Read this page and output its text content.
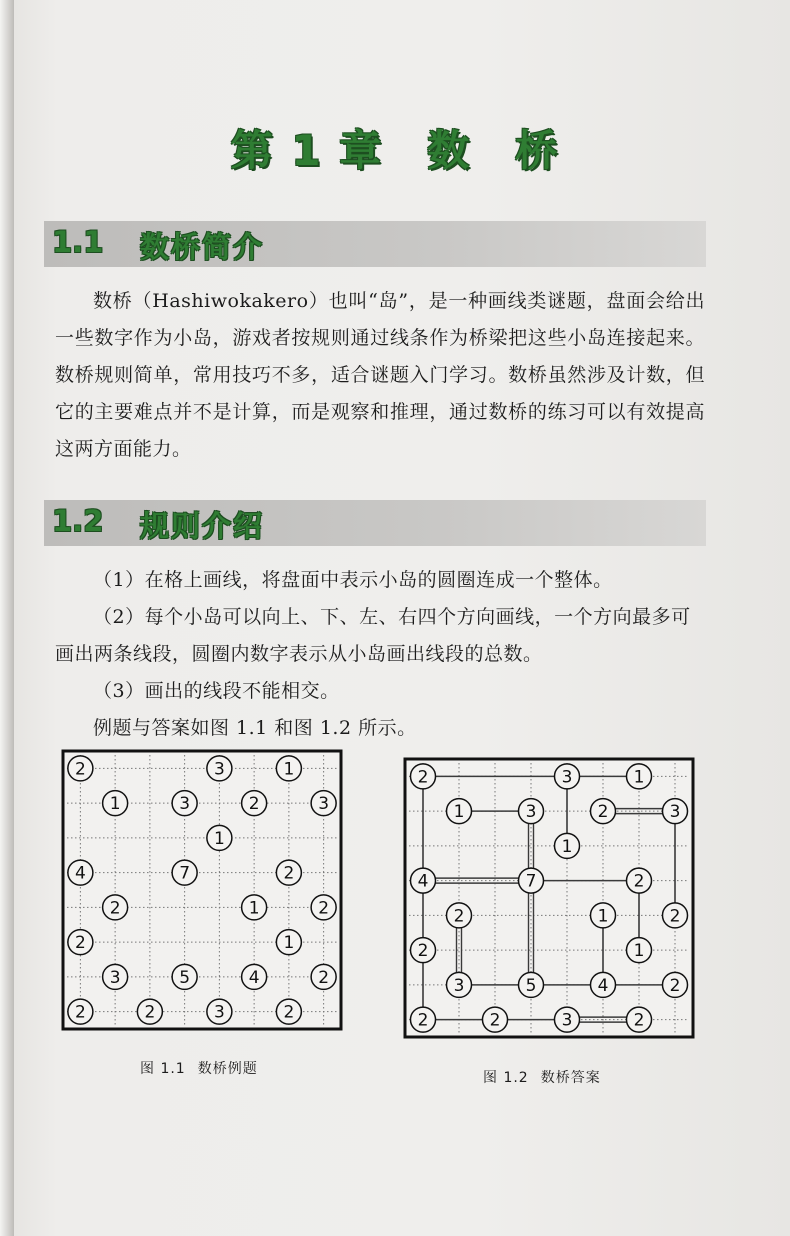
第 1 章　数　桥
1.1 数桥简介
数桥（Hashiwokakero）也叫“岛”，是一种画线类谜题，盘面会给出一些数字作为小岛，游戏者按规则通过线条作为桥梁把这些小岛连接起来。数桥规则简单，常用技巧不多，适合谜题入门学习。数桥虽然涉及计数，但它的主要难点并不是计算，而是观察和推理，通过数桥的练习可以有效提高这两方面能力。
1.2 规则介绍
（1）在格上画线，将盘面中表示小岛的圆圈连成一个整体。
（2）每个小岛可以向上、下、左、右四个方向画线，一个方向最多可画出两条线段，圆圈内数字表示从小岛画出线段的总数。
（3）画出的线段不能相交。
例题与答案如图 1.1 和图 1.2 所示。
2	3	1
1	3	2	3
1
4	7	2
2	1	2
2	1
3	5	4	2
2	2	3	2
2	3	1
1	3	2	3
1
4	7	2
2	1	2
2	1
3	5	4	2
2	2	3	2
图 1.1 数桥例题
图 1.2 数桥答案
